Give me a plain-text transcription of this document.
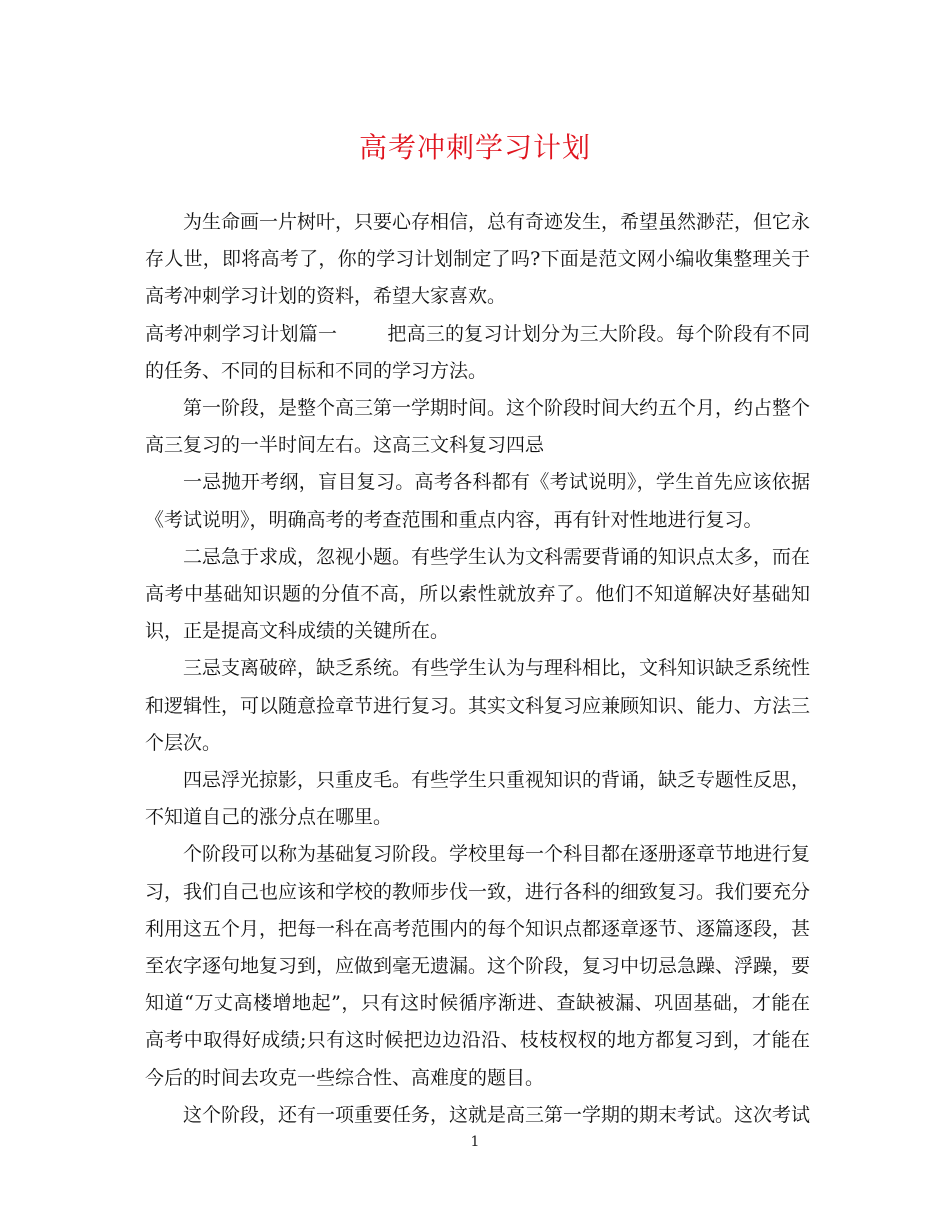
高考冲刺学习计划

为生命画一片树叶，只要心存相信，总有奇迹发生，希望虽然渺茫，但它永存人世，即将高考了，你的学习计划制定了吗?下面是范文网小编收集整理关于高考冲刺学习计划的资料，希望大家喜欢。

高考冲刺学习计划篇一	把高三的复习计划分为三大阶段。每个阶段有不同的任务、不同的目标和不同的学习方法。

第一阶段，是整个高三第一学期时间。这个阶段时间大约五个月，约占整个高三复习的一半时间左右。这高三文科复习四忌

一忌抛开考纲，盲目复习。高考各科都有《考试说明》，学生首先应该依据《考试说明》，明确高考的考查范围和重点内容，再有针对性地进行复习。

二忌急于求成，忽视小题。有些学生认为文科需要背诵的知识点太多，而在高考中基础知识题的分值不高，所以索性就放弃了。他们不知道解决好基础知识，正是提高文科成绩的关键所在。

三忌支离破碎，缺乏系统。有些学生认为与理科相比，文科知识缺乏系统性和逻辑性，可以随意捡章节进行复习。其实文科复习应兼顾知识、能力、方法三个层次。

四忌浮光掠影，只重皮毛。有些学生只重视知识的背诵，缺乏专题性反思，不知道自己的涨分点在哪里。

个阶段可以称为基础复习阶段。学校里每一个科目都在逐册逐章节地进行复习，我们自己也应该和学校的教师步伐一致，进行各科的细致复习。我们要充分利用这五个月，把每一科在高考范围内的每个知识点都逐章逐节、逐篇逐段，甚至农字逐句地复习到，应做到毫无遗漏。这个阶段，复习中切忌急躁、浮躁，要知道“万丈高楼增地起”，只有这时候循序渐进、查缺被漏、巩固基础，才能在高考中取得好成绩;只有这时候把边边沿沿、枝枝杈杈的地方都复习到，才能在今后的时间去攻克一些综合性、高难度的题目。

这个阶段，还有一项重要任务，这就是高三第一学期的期末考试。这次考试

1
